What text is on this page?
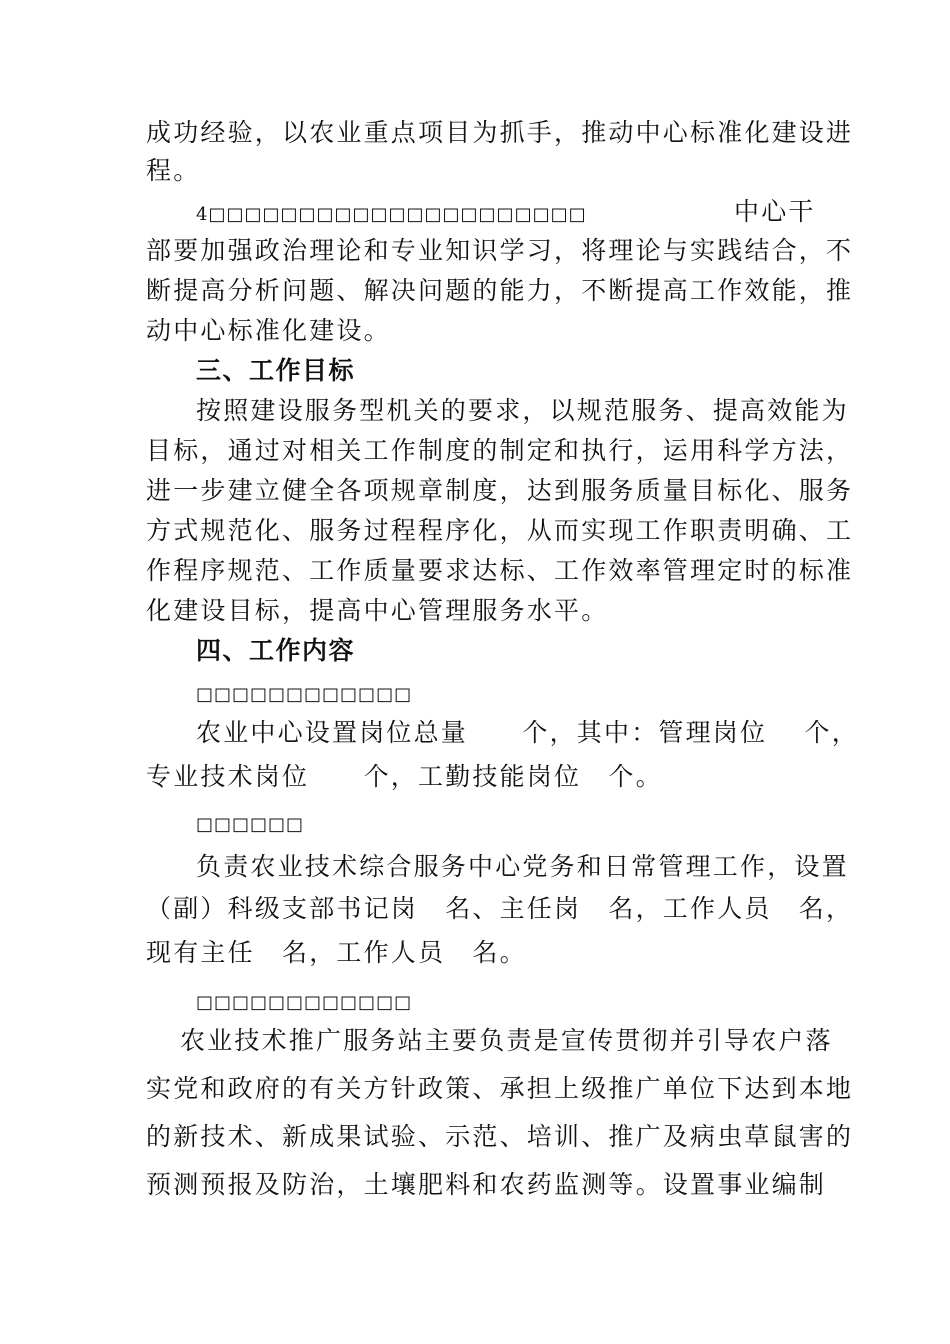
成功经验，以农业重点项目为抓手，推动中心标准化建设进
程。
4□□□□□□□□□□□□□□□□□□□□□	中心干
部要加强政治理论和专业知识学习，将理论与实践结合，不
断提高分析问题、解决问题的能力，不断提高工作效能，推
动中心标准化建设。
三、工作目标
按照建设服务型机关的要求，以规范服务、提高效能为
目标，通过对相关工作制度的制定和执行，运用科学方法，
进一步建立健全各项规章制度，达到服务质量目标化、服务
方式规范化、服务过程程序化，从而实现工作职责明确、工
作程序规范、工作质量要求达标、工作效率管理定时的标准
化建设目标，提高中心管理服务水平。
四、工作内容
□□□□□□□□□□□□
农业中心设置岗位总量　　个，其中：管理岗位　 个，
专业技术岗位　　个，工勤技能岗位　个。
□□□□□□
负责农业技术综合服务中心党务和日常管理工作，设置
（副）科级支部书记岗　名、主任岗　名，工作人员　名，
现有主任　名，工作人员　名。
□□□□□□□□□□□□
农业技术推广服务站主要负责是宣传贯彻并引导农户落
实党和政府的有关方针政策、承担上级推广单位下达到本地
的新技术、新成果试验、示范、培训、推广及病虫草鼠害的
预测预报及防治，土壤肥料和农药监测等。设置事业编制
